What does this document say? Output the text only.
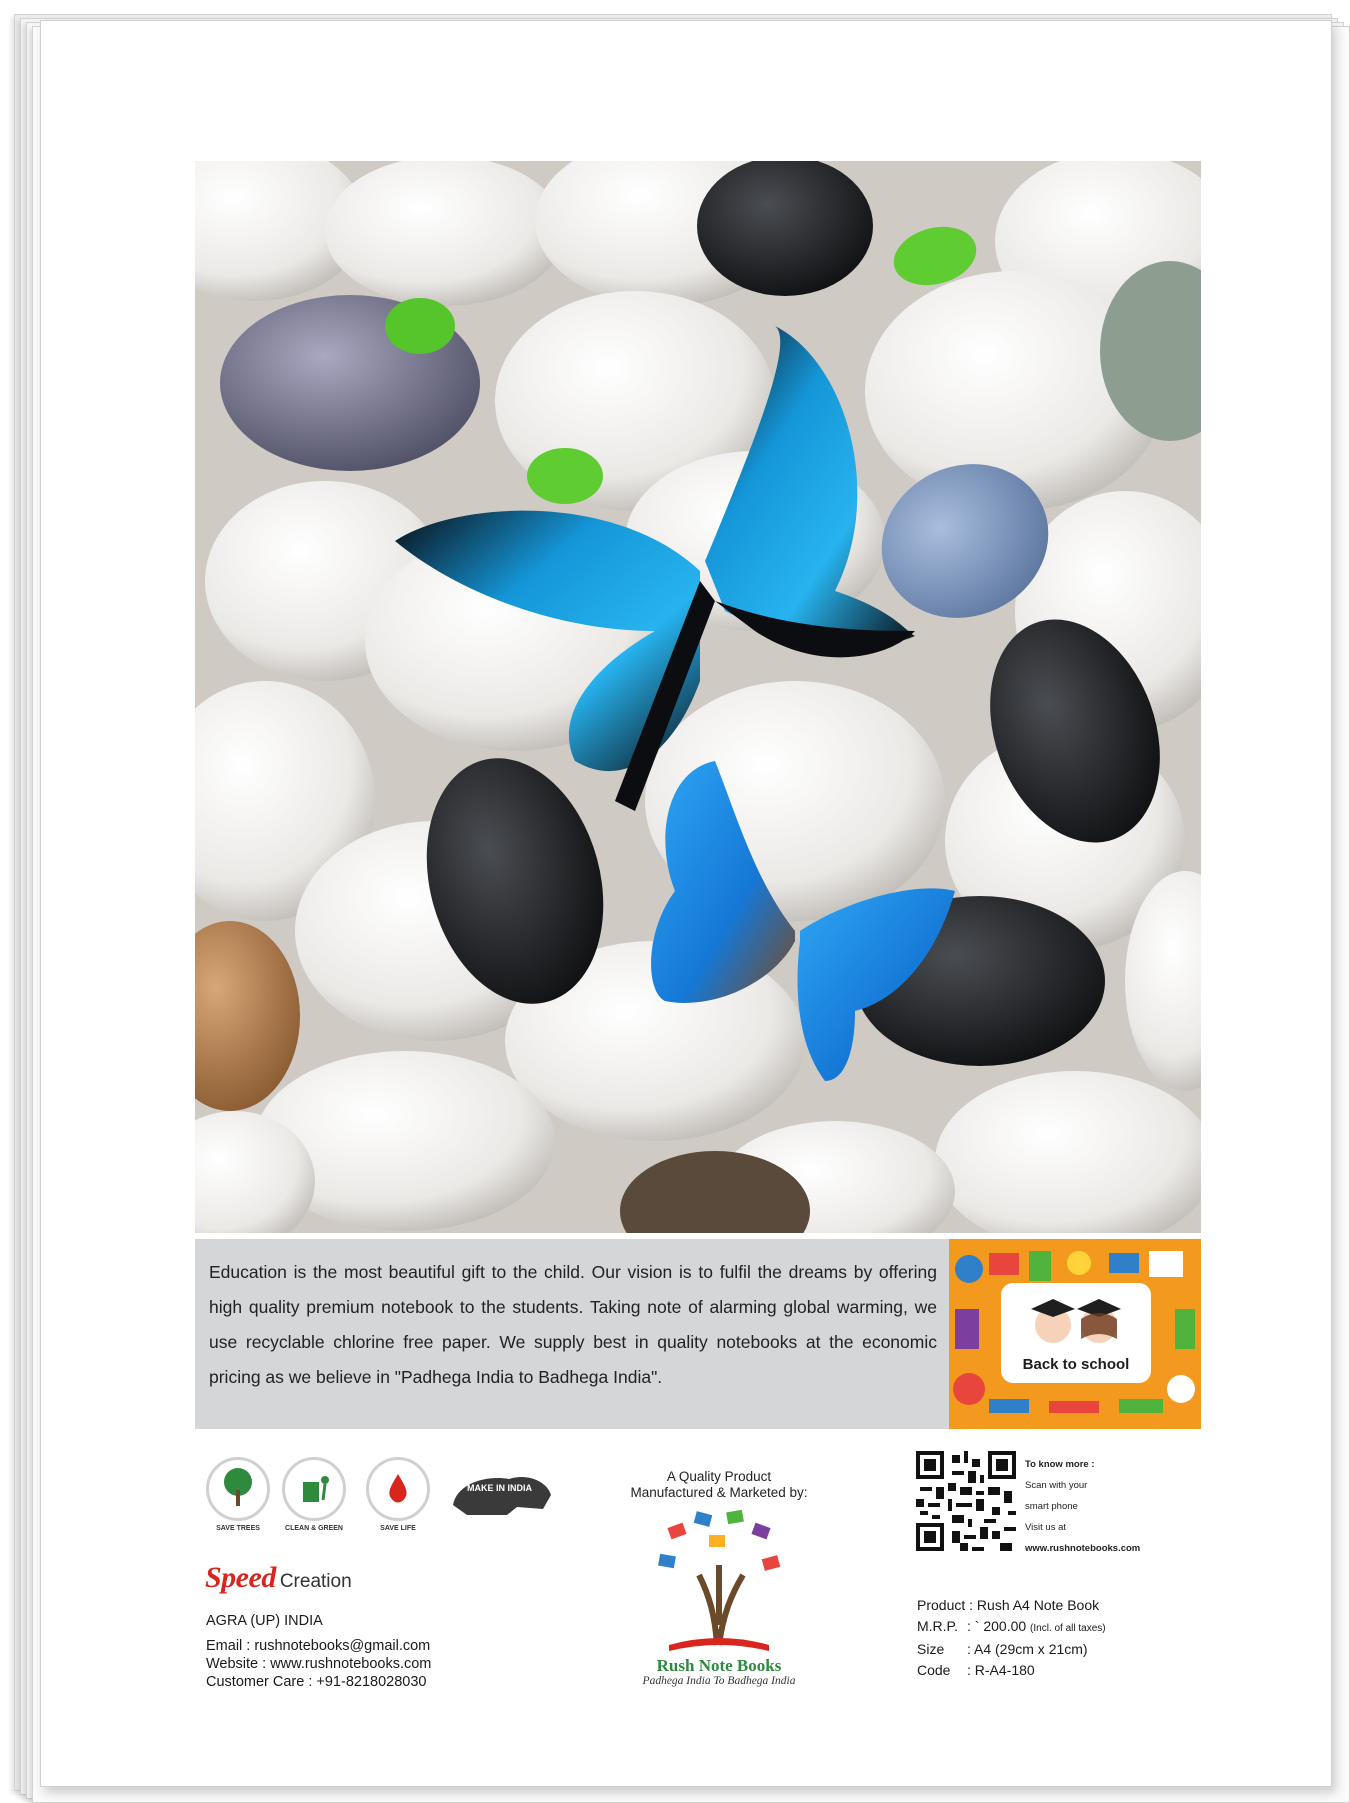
Education is the most beautiful gift to the child. Our vision is to fulfil the dreams by offering high quality premium notebook to the students. Taking note of alarming global warming, we use recyclable chlorine free paper. We supply best in quality notebooks at the economic pricing as we believe in "Padhega India to Badhega India".
Back to school
SAVE TREES	CLEAN & GREEN	SAVE LIFE
MAKE IN INDIA
Speed Creation
AGRA (UP) INDIA
Email : rushnotebooks@gmail.com
Website : www.rushnotebooks.com
Customer Care : +91-8218028030
A Quality Product
Manufactured & Marketed by:
Rush Note Books
Padhega India To Badhega India
To know more :
Scan with your
smart phone
Visit us at
www.rushnotebooks.com
Product : Rush A4 Note Book
M.R.P. : ` 200.00 (Incl. of all taxes)
Size : A4 (29cm x 21cm)
Code : R-A4-180
